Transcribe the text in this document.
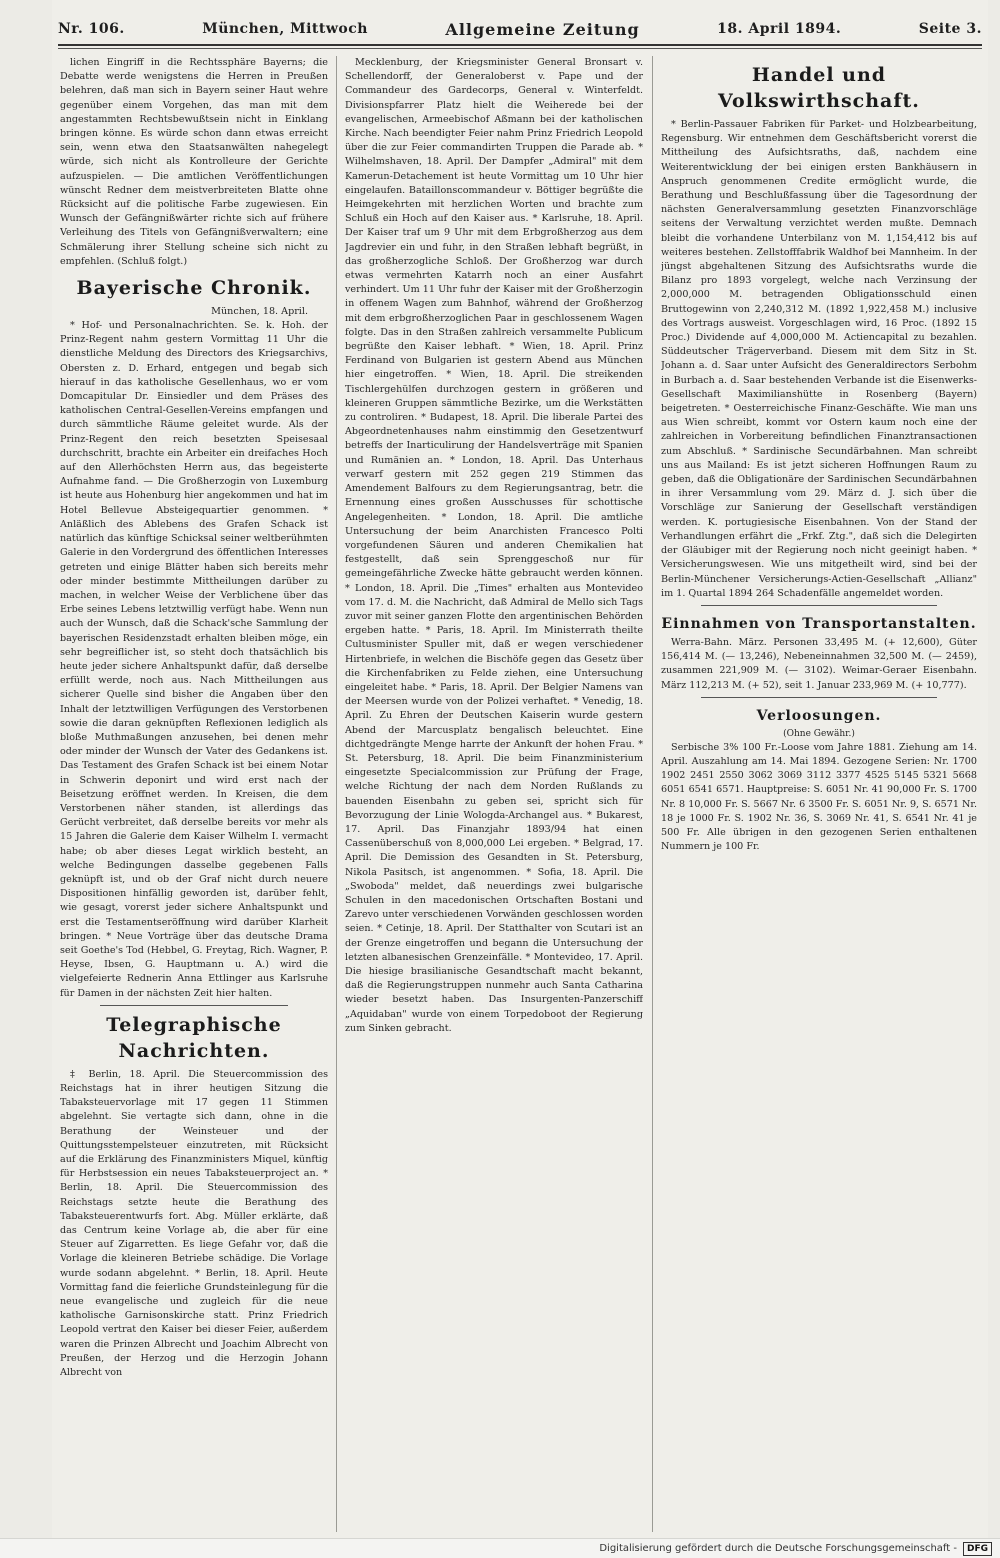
Nr. 106.	München, Mittwoch	Allgemeine Zeitung	18. April 1894.	Seite 3.

lichen Eingriff in die Rechtssphäre Bayerns; die Debatte werde wenigstens die Herren in Preußen belehren, daß man sich in Bayern seiner Haut wehre gegenüber einem Vorgehen, das man mit dem angestammten Rechtsbewußtsein nicht in Einklang bringen könne. Es würde schon dann etwas erreicht sein, wenn etwa den Staatsanwälten nahegelegt würde, sich nicht als Kontrolleure der Gerichte aufzuspielen. — Die amtlichen Veröffentlichungen wünscht Redner dem meistverbreiteten Blatte ohne Rücksicht auf die politische Farbe zugewiesen. Ein Wunsch der Gefängnißwärter richte sich auf frühere Verleihung des Titels von Gefängnißverwaltern; eine Schmälerung ihrer Stellung scheine sich nicht zu empfehlen. (Schluß folgt.)

Bayerische Chronik.
München, 18. April.

* Hof- und Personalnachrichten. Se. k. Hoh. der Prinz-Regent nahm gestern Vormittag 11 Uhr die dienstliche Meldung des Directors des Kriegsarchivs, Obersten z. D. Erhard, entgegen und begab sich hierauf in das katholische Gesellenhaus, wo er vom Domcapitular Dr. Einsiedler und dem Präses des katholischen Central-Gesellen-Vereins empfangen und durch sämmtliche Räume geleitet wurde. Als der Prinz-Regent den reich besetzten Speisesaal durchschritt, brachte ein Arbeiter ein dreifaches Hoch auf den Allerhöchsten Herrn aus, das begeisterte Aufnahme fand. — Die Großherzogin von Luxemburg ist heute aus Hohenburg hier angekommen und hat im Hotel Bellevue Absteigequartier genommen. * Anläßlich des Ablebens des Grafen Schack ist natürlich das künftige Schicksal seiner weltberühmten Galerie in den Vordergrund des öffentlichen Interesses getreten und einige Blätter haben sich bereits mehr oder minder bestimmte Mittheilungen darüber zu machen, in welcher Weise der Verblichene über das Erbe seines Lebens letztwillig verfügt habe. Wenn nun auch der Wunsch, daß die Schack'sche Sammlung der bayerischen Residenzstadt erhalten bleiben möge, ein sehr begreiflicher ist, so steht doch thatsächlich bis heute jeder sichere Anhaltspunkt dafür, daß derselbe erfüllt werde, noch aus. Nach Mittheilungen aus sicherer Quelle sind bisher die Angaben über den Inhalt der letztwilligen Verfügungen des Verstorbenen sowie die daran geknüpften Reflexionen lediglich als bloße Muthmaßungen anzusehen, bei denen mehr oder minder der Wunsch der Vater des Gedankens ist. Das Testament des Grafen Schack ist bei einem Notar in Schwerin deponirt und wird erst nach der Beisetzung eröffnet werden. In Kreisen, die dem Verstorbenen näher standen, ist allerdings das Gerücht verbreitet, daß derselbe bereits vor mehr als 15 Jahren die Galerie dem Kaiser Wilhelm I. vermacht habe; ob aber dieses Legat wirklich besteht, an welche Bedingungen dasselbe gegebenen Falls geknüpft ist, und ob der Graf nicht durch neuere Dispositionen hinfällig geworden ist, darüber fehlt, wie gesagt, vorerst jeder sichere Anhaltspunkt und erst die Testamentseröffnung wird darüber Klarheit bringen. * Neue Vorträge über das deutsche Drama seit Goethe's Tod (Hebbel, G. Freytag, Rich. Wagner, P. Heyse, Ibsen, G. Hauptmann u. A.) wird die vielgefeierte Rednerin Anna Ettlinger aus Karlsruhe für Damen in der nächsten Zeit hier halten.

Telegraphische Nachrichten.

‡ Berlin, 18. April. Die Steuercommission des Reichstags hat in ihrer heutigen Sitzung die Tabaksteuervorlage mit 17 gegen 11 Stimmen abgelehnt. Sie vertagte sich dann, ohne in die Berathung der Weinsteuer und der Quittungsstempelsteuer einzutreten, mit Rücksicht auf die Erklärung des Finanzministers Miquel, künftig für Herbstsession ein neues Tabaksteuerproject an. * Berlin, 18. April. Die Steuercommission des Reichstags setzte heute die Berathung des Tabaksteuerentwurfs fort. Abg. Müller erklärte, daß das Centrum keine Vorlage ab, die aber für eine Steuer auf Zigarretten. Es liege Gefahr vor, daß die Vorlage die kleineren Betriebe schädige. Die Vorlage wurde sodann abgelehnt. * Berlin, 18. April. Heute Vormittag fand die feierliche Grundsteinlegung für die neue evangelische und zugleich für die neue katholische Garnisonskirche statt. Prinz Friedrich Leopold vertrat den Kaiser bei dieser Feier, außerdem waren die Prinzen Albrecht und Joachim Albrecht von Preußen, der Herzog und die Herzogin Johann Albrecht von

Mecklenburg, der Kriegsminister General Bronsart v. Schellendorff, der Generaloberst v. Pape und der Commandeur des Gardecorps, General v. Winterfeldt. Divisionspfarrer Platz hielt die Weiherede bei der evangelischen, Armeebischof Aßmann bei der katholischen Kirche. Nach beendigter Feier nahm Prinz Friedrich Leopold über die zur Feier commandirten Truppen die Parade ab. * Wilhelmshaven, 18. April. Der Dampfer „Admiral" mit dem Kamerun-Detachement ist heute Vormittag um 10 Uhr hier eingelaufen. Bataillonscommandeur v. Böttiger begrüßte die Heimgekehrten mit herzlichen Worten und brachte zum Schluß ein Hoch auf den Kaiser aus. * Karlsruhe, 18. April. Der Kaiser traf um 9 Uhr mit dem Erbgroßherzog aus dem Jagdrevier ein und fuhr, in den Straßen lebhaft begrüßt, in das großherzogliche Schloß. Der Großherzog war durch etwas vermehrten Katarrh noch an einer Ausfahrt verhindert. Um 11 Uhr fuhr der Kaiser mit der Großherzogin in offenem Wagen zum Bahnhof, während der Großherzog mit dem erbgroßherzoglichen Paar in geschlossenem Wagen folgte. Das in den Straßen zahlreich versammelte Publicum begrüßte den Kaiser lebhaft. * Wien, 18. April. Prinz Ferdinand von Bulgarien ist gestern Abend aus München hier eingetroffen. * Wien, 18. April. Die streikenden Tischlergehülfen durchzogen gestern in größeren und kleineren Gruppen sämmtliche Bezirke, um die Werkstätten zu controliren. * Budapest, 18. April. Die liberale Partei des Abgeordnetenhauses nahm einstimmig den Gesetzentwurf betreffs der Inarticulirung der Handelsverträge mit Spanien und Rumänien an. * London, 18. April. Das Unterhaus verwarf gestern mit 252 gegen 219 Stimmen das Amendement Balfours zu dem Regierungsantrag, betr. die Ernennung eines großen Ausschusses für schottische Angelegenheiten. * London, 18. April. Die amtliche Untersuchung der beim Anarchisten Francesco Polti vorgefundenen Säuren und anderen Chemikalien hat festgestellt, daß sein Sprenggeschoß nur für gemeingefährliche Zwecke hätte gebraucht werden können. * London, 18. April. Die „Times" erhalten aus Montevideo vom 17. d. M. die Nachricht, daß Admiral de Mello sich Tags zuvor mit seiner ganzen Flotte den argentinischen Behörden ergeben hatte. * Paris, 18. April. Im Ministerrath theilte Cultusminister Spuller mit, daß er wegen verschiedener Hirtenbriefe, in welchen die Bischöfe gegen das Gesetz über die Kirchenfabriken zu Felde ziehen, eine Untersuchung eingeleitet habe. * Paris, 18. April. Der Belgier Namens van der Meersen wurde von der Polizei verhaftet. * Venedig, 18. April. Zu Ehren der Deutschen Kaiserin wurde gestern Abend der Marcusplatz bengalisch beleuchtet. Eine dichtgedrängte Menge harrte der Ankunft der hohen Frau. * St. Petersburg, 18. April. Die beim Finanzministerium eingesetzte Specialcommission zur Prüfung der Frage, welche Richtung der nach dem Norden Rußlands zu bauenden Eisenbahn zu geben sei, spricht sich für Bevorzugung der Linie Wologda-Archangel aus. * Bukarest, 17. April. Das Finanzjahr 1893/94 hat einen Cassenüberschuß von 8,000,000 Lei ergeben. * Belgrad, 17. April. Die Demission des Gesandten in St. Petersburg, Nikola Pasitsch, ist angenommen. * Sofia, 18. April. Die „Swoboda" meldet, daß neuerdings zwei bulgarische Schulen in den macedonischen Ortschaften Bostani und Zarevo unter verschiedenen Vorwänden geschlossen worden seien. * Cetinje, 18. April. Der Statthalter von Scutari ist an der Grenze eingetroffen und begann die Untersuchung der letzten albanesischen Grenzeinfälle. * Montevideo, 17. April. Die hiesige brasilianische Gesandtschaft macht bekannt, daß die Regierungstruppen nunmehr auch Santa Catharina wieder besetzt haben. Das Insurgenten-Panzerschiff „Aquidaban" wurde von einem Torpedoboot der Regierung zum Sinken gebracht.

Handel und Volkswirthschaft.

* Berlin-Passauer Fabriken für Parket- und Holzbearbeitung, Regensburg. Wir entnehmen dem Geschäftsbericht vorerst die Mittheilung des Aufsichtsraths, daß, nachdem eine Weiterentwicklung der bei einigen ersten Bankhäusern in Anspruch genommenen Credite ermöglicht wurde, die Berathung und Beschlußfassung über die Tagesordnung der nächsten Generalversammlung gesetzten Finanzvorschläge seitens der Verwaltung verzichtet werden mußte. Demnach bleibt die vorhandene Unterbilanz von M. 1,154,412 bis auf weiteres bestehen. Zellstofffabrik Waldhof bei Mannheim. In der jüngst abgehaltenen Sitzung des Aufsichtsraths wurde die Bilanz pro 1893 vorgelegt, welche nach Verzinsung der 2,000,000 M. betragenden Obligationsschuld einen Bruttogewinn von 2,240,312 M. (1892 1,922,458 M.) inclusive des Vortrags ausweist. Vorgeschlagen wird, 16 Proc. (1892 15 Proc.) Dividende auf 4,000,000 M. Actiencapital zu bezahlen. Süddeutscher Trägerverband. Diesem mit dem Sitz in St. Johann a. d. Saar unter Aufsicht des Generaldirectors Serbohm in Burbach a. d. Saar bestehenden Verbande ist die Eisenwerks-Gesellschaft Maximilianshütte in Rosenberg (Bayern) beigetreten. * Oesterreichische Finanz-Geschäfte. Wie man uns aus Wien schreibt, kommt vor Ostern kaum noch eine der zahlreichen in Vorbereitung befindlichen Finanztransactionen zum Abschluß. * Sardinische Secundärbahnen. Man schreibt uns aus Mailand: Es ist jetzt sicheren Hoffnungen Raum zu geben, daß die Obligationäre der Sardinischen Secundärbahnen in ihrer Versammlung vom 29. März d. J. sich über die Vorschläge zur Sanierung der Gesellschaft verständigen werden. K. portugiesische Eisenbahnen. Von der Stand der Verhandlungen erfährt die „Frkf. Ztg.", daß sich die Delegirten der Gläubiger mit der Regierung noch nicht geeinigt haben. * Versicherungswesen. Wie uns mitgetheilt wird, sind bei der Berlin-Münchener Versicherungs-Actien-Gesellschaft „Allianz" im 1. Quartal 1894 264 Schadenfälle angemeldet worden.

Einnahmen von Transportanstalten.

Werra-Bahn. März. Personen 33,495 M. (+ 12,600), Güter 156,414 M. (— 13,246), Nebeneinnahmen 32,500 M. (— 2459), zusammen 221,909 M. (— 3102). Weimar-Geraer Eisenbahn. März 112,213 M. (+ 52), seit 1. Januar 233,969 M. (+ 10,777).

Verloosungen.
(Ohne Gewähr.)

Serbische 3% 100 Fr.-Loose vom Jahre 1881. Ziehung am 14. April. Auszahlung am 14. Mai 1894. Gezogene Serien: Nr. 1700 1902 2451 2550 3062 3069 3112 3377 4525 5145 5321 5668 6051 6541 6571. Hauptpreise: S. 6051 Nr. 41 90,000 Fr. S. 1700 Nr. 8 10,000 Fr. S. 5667 Nr. 6 3500 Fr. S. 6051 Nr. 9, S. 6571 Nr. 18 je 1000 Fr. S. 1902 Nr. 36, S. 3069 Nr. 41, S. 6541 Nr. 41 je 500 Fr. Alle übrigen in den gezogenen Serien enthaltenen Nummern je 100 Fr.

Digitalisierung gefördert durch die Deutsche Forschungsgemeinschaft -	DFG
